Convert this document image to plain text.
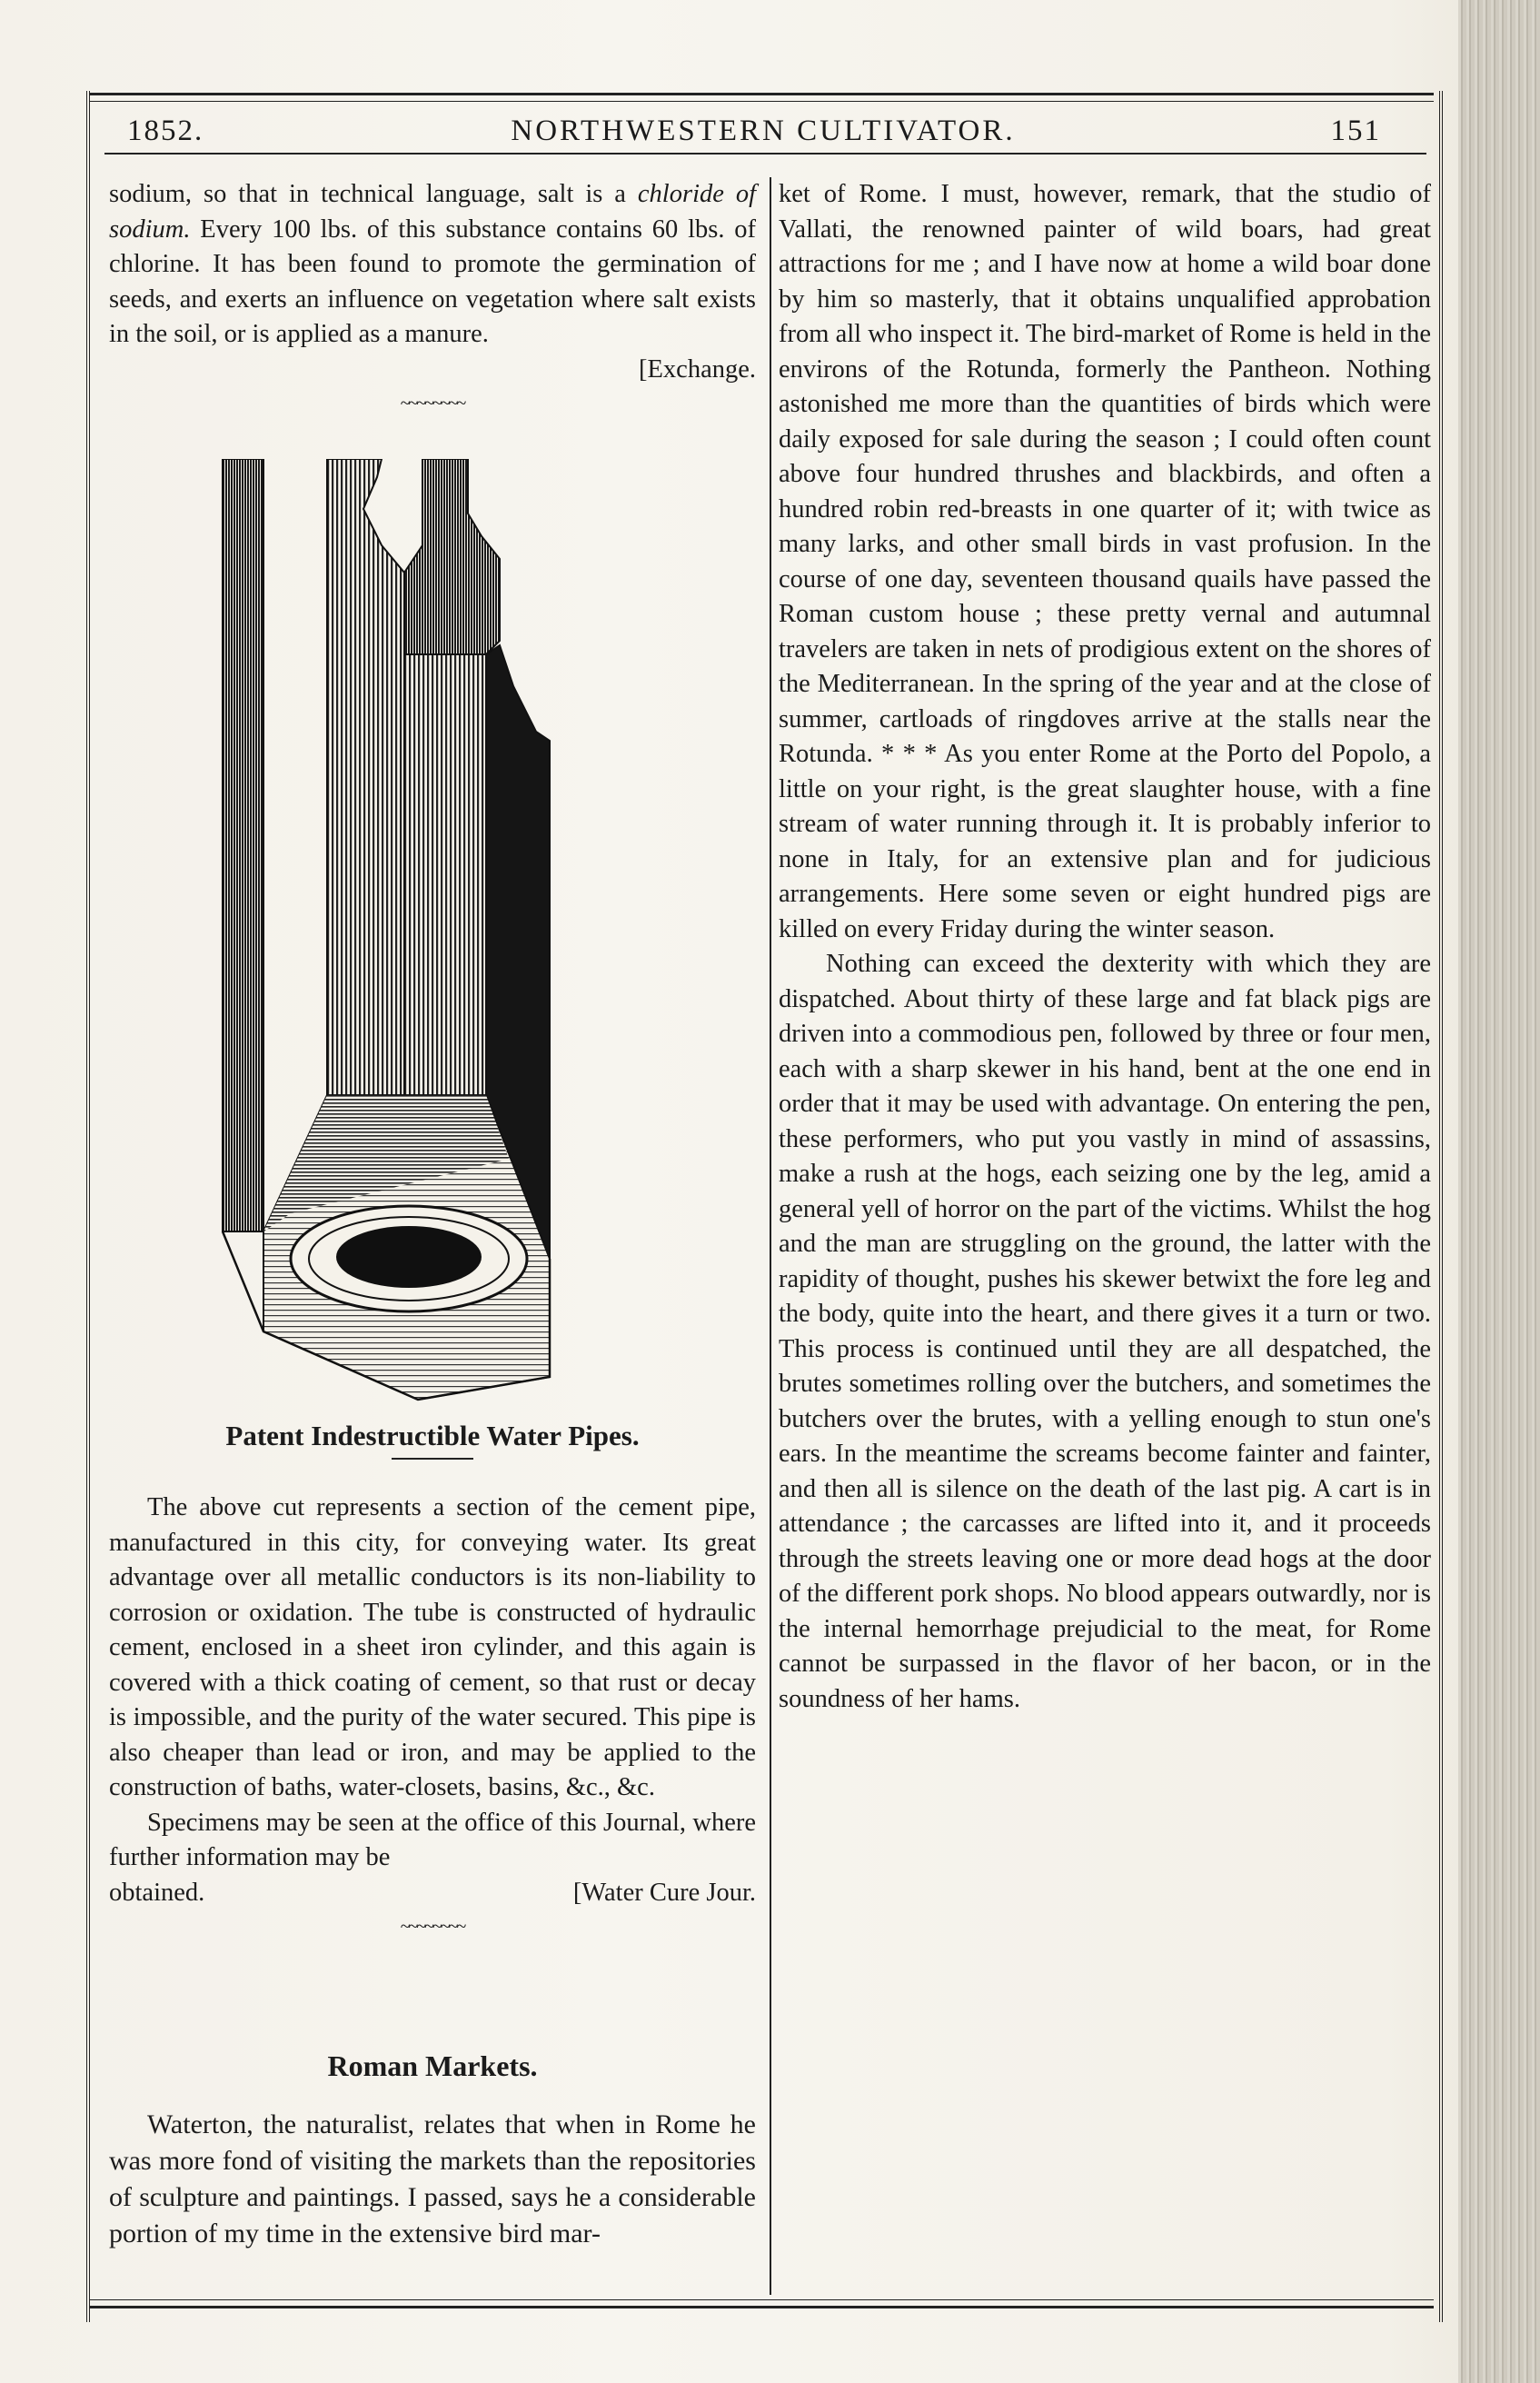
1852.	NORTHWESTERN CULTIVATOR.	151

sodium, so that in technical language, salt is a chloride of sodium. Every 100 lbs. of this substance contains 60 lbs. of chlorine. It has been found to promote the germination of seeds, and exerts an influence on vegetation where salt exists in the soil, or is applied as a manure.

[Exchange.
~~~~~~~~
Patent Indestructible Water Pipes.

The above cut represents a section of the cement pipe, manufactured in this city, for conveying water. Its great advantage over all metallic conductors is its non-liability to corrosion or oxidation. The tube is constructed of hydraulic cement, enclosed in a sheet iron cylinder, and this again is covered with a thick coating of cement, so that rust or decay is impossible, and the purity of the water secured. This pipe is also cheaper than lead or iron, and may be applied to the construction of baths, water-closets, basins, &c., &c.

Specimens may be seen at the office of this Journal, where further information may be

obtained.	[Water Cure Jour.

~~~~~~~~
Roman Markets.

Waterton, the naturalist, relates that when in Rome he was more fond of visiting the markets than the repositories of sculpture and paintings. I passed, says he a considerable portion of my time in the extensive bird mar-

ket of Rome. I must, however, remark, that the studio of Vallati, the renowned painter of wild boars, had great attractions for me ; and I have now at home a wild boar done by him so masterly, that it obtains unqualified approbation from all who inspect it. The bird-market of Rome is held in the environs of the Rotunda, formerly the Pantheon. Nothing astonished me more than the quantities of birds which were daily exposed for sale during the season ; I could often count above four hundred thrushes and blackbirds, and often a hundred robin red-breasts in one quarter of it; with twice as many larks, and other small birds in vast profusion. In the course of one day, seventeen thousand quails have passed the Roman custom house ; these pretty vernal and autumnal travelers are taken in nets of prodigious extent on the shores of the Mediterranean. In the spring of the year and at the close of summer, cartloads of ringdoves arrive at the stalls near the Rotunda. * * * As you enter Rome at the Porto del Popolo, a little on your right, is the great slaughter house, with a fine stream of water running through it. It is probably inferior to none in Italy, for an extensive plan and for judicious arrangements. Here some seven or eight hundred pigs are killed on every Friday during the winter season.

Nothing can exceed the dexterity with which they are dispatched. About thirty of these large and fat black pigs are driven into a commodious pen, followed by three or four men, each with a sharp skewer in his hand, bent at the one end in order that it may be used with advantage. On entering the pen, these performers, who put you vastly in mind of assassins, make a rush at the hogs, each seizing one by the leg, amid a general yell of horror on the part of the victims. Whilst the hog and the man are struggling on the ground, the latter with the rapidity of thought, pushes his skewer betwixt the fore leg and the body, quite into the heart, and there gives it a turn or two. This process is continued until they are all despatched, the brutes sometimes rolling over the butchers, and sometimes the butchers over the brutes, with a yelling enough to stun one's ears. In the meantime the screams become fainter and fainter, and then all is silence on the death of the last pig. A cart is in attendance ; the carcasses are lifted into it, and it proceeds through the streets leaving one or more dead hogs at the door of the different pork shops. No blood appears outwardly, nor is the internal hemorrhage prejudicial to the meat, for Rome cannot be surpassed in the flavor of her bacon, or in the soundness of her hams.
